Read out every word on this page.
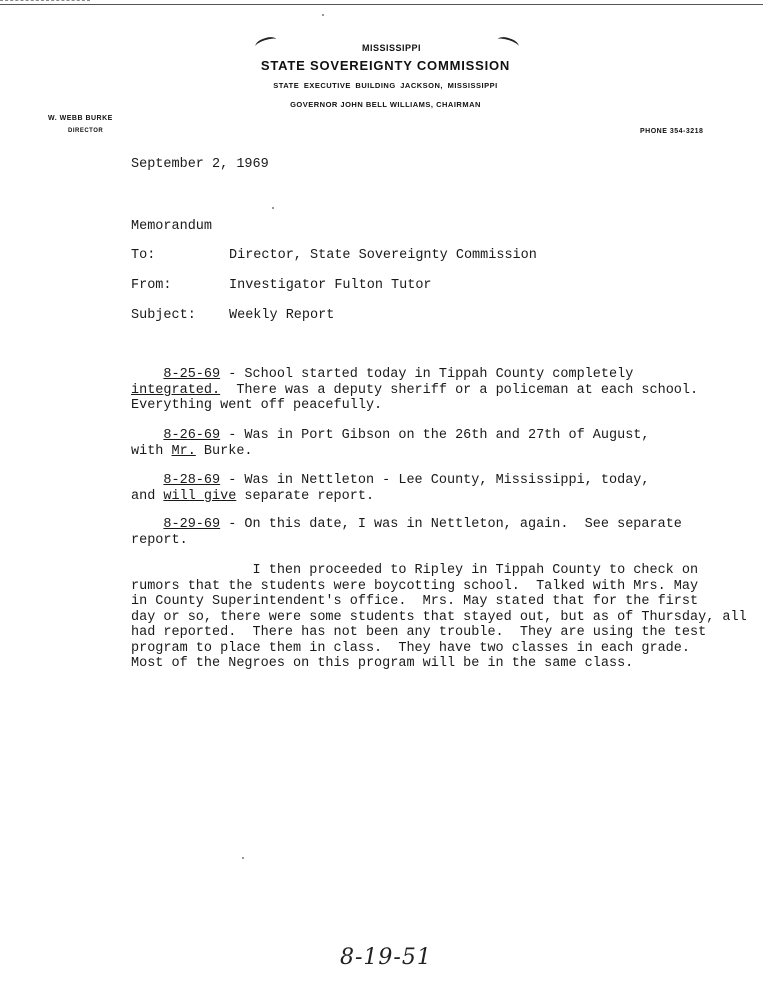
MISSISSIPPI
STATE SOVEREIGNTY COMMISSION
STATE EXECUTIVE BUILDING JACKSON, MISSISSIPPI
GOVERNOR JOHN BELL WILLIAMS, CHAIRMAN
W. WEBB BURKE
DIRECTOR	PHONE 354-3218
September 2, 1969
Memorandum
To:	Director, State Sovereignty Commission
From:	Investigator Fulton Tutor
Subject: Weekly Report
8-25-69 - School started today in Tippah County completely
integrated.  There was a deputy sheriff or a policeman at each school.
Everything went off peacefully.
8-26-69 - Was in Port Gibson on the 26th and 27th of August,
with Mr. Burke.
8-28-69 - Was in Nettleton - Lee County, Mississippi, today,
and will give separate report.
8-29-69 - On this date, I was in Nettleton, again.  See separate
report.
I then proceeded to Ripley in Tippah County to check on
rumors that the students were boycotting school.  Talked with Mrs. May
in County Superintendent's office.  Mrs. May stated that for the first
day or so, there were some students that stayed out, but as of Thursday, all
had reported.  There has not been any trouble.  They are using the test
program to place them in class.  They have two classes in each grade.
Most of the Negroes on this program will be in the same class.
8-19-51
